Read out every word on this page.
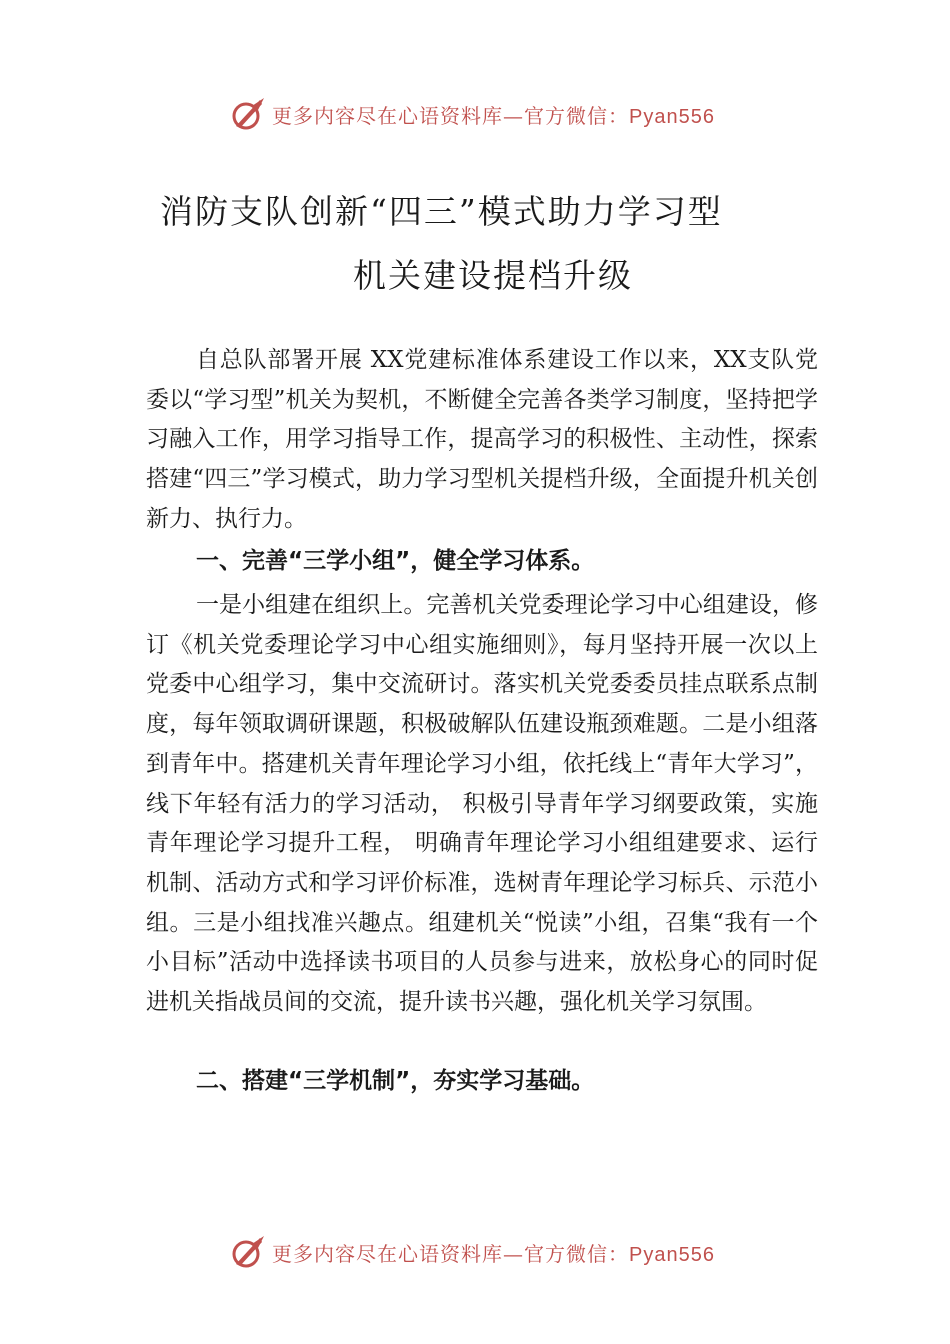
更多内容尽在心语资料库—官方微信：Pyan556
消防支队创新“四三”模式助力学习型
机关建设提档升级
自总队部署开展 XX党建标准体系建设工作以来，XX支队党委以“学习型”机关为契机，不断健全完善各类学习制度，坚持把学习融入工作，用学习指导工作，提高学习的积极性、主动性，探索搭建“四三”学习模式，助力学习型机关提档升级，全面提升机关创新力、执行力。
一、完善“三学小组”，健全学习体系。
一是小组建在组织上。完善机关党委理论学习中心组建设，修订《机关党委理论学习中心组实施细则》，每月坚持开展一次以上党委中心组学习，集中交流研讨。落实机关党委委员挂点联系点制度，每年领取调研课题，积极破解队伍建设瓶颈难题。二是小组落到青年中。搭建机关青年理论学习小组，依托线上“青年大学习”，线下年轻有活力的学习活动， 积极引导青年学习纲要政策，实施青年理论学习提升工程， 明确青年理论学习小组组建要求、运行机制、活动方式和学习评价标准，选树青年理论学习标兵、示范小组。三是小组找准兴趣点。组建机关“悦读”小组，召集“我有一个小目标”活动中选择读书项目的人员参与进来，放松身心的同时促进机关指战员间的交流，提升读书兴趣，强化机关学习氛围。
二、搭建“三学机制”，夯实学习基础。
更多内容尽在心语资料库—官方微信：Pyan556
